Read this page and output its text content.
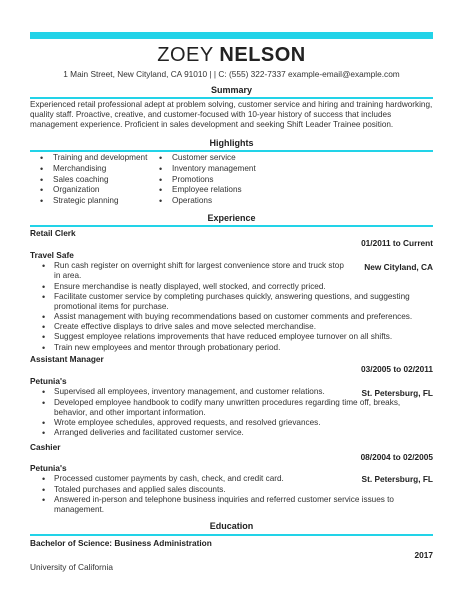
ZOEY NELSON
1 Main Street, New Cityland, CA 91010 | | C: (555) 322-7337 example-email@example.com
Summary
Experienced retail professional adept at problem solving, customer service and hiring and training hardworking, quality staff. Proactive, creative, and customer-focused with 10-year history of success that includes management experience. Proficient in sales development and seeking Shift Leader Trainee position.
Highlights
• Training and development
• Merchandising
• Sales coaching
• Organization
• Strategic planning
• Customer service
• Inventory management
• Promotions
• Employee relations
• Operations
Experience
Retail Clerk
01/2011 to Current
Travel Safe
New Cityland, CA
• Run cash register on overnight shift for largest convenience store and truck stop in area.
• Ensure merchandise is neatly displayed, well stocked, and correctly priced.
• Facilitate customer service by completing purchases quickly, answering questions, and suggesting promotional items for purchase.
• Assist management with buying recommendations based on customer comments and preferences.
• Create effective displays to drive sales and move selected merchandise.
• Suggest employee relations improvements that have reduced employee turnover on all shifts.
• Train new employees and mentor through probationary period.
Assistant Manager
03/2005 to 02/2011
Petunia's
St. Petersburg, FL
• Supervised all employees, inventory management, and customer relations.
• Developed employee handbook to codify many unwritten procedures regarding time off, breaks, behavior, and other important information.
• Wrote employee schedules, approved requests, and resolved grievances.
• Arranged deliveries and facilitated customer service.
Cashier
08/2004 to 02/2005
Petunia's
St. Petersburg, FL
• Processed customer payments by cash, check, and credit card.
• Totaled purchases and applied sales discounts.
• Answered in-person and telephone business inquiries and referred customer service issues to management.
Education
Bachelor of Science: Business Administration
2017
University of California
